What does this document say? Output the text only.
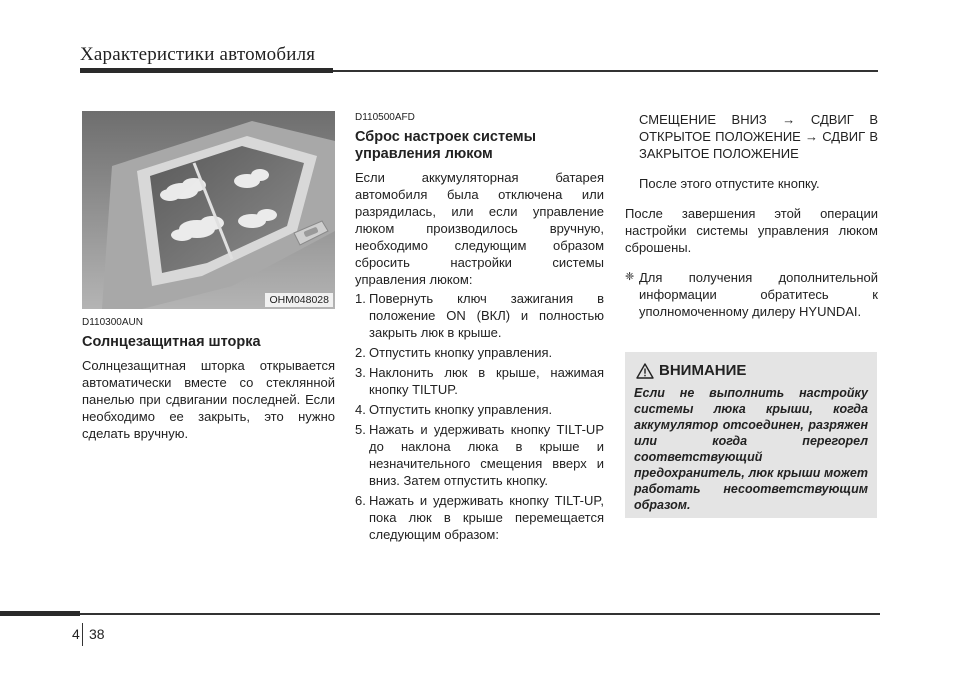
Характеристики автомобиля
OHM048028
D110300AUN
Солнцезащитная шторка

Солнцезащитная шторка открывается автоматически вместе со стеклянной панелью при сдвигании последней. Если необходимо ее закрыть, это нужно сделать вручную.

D110500AFD
Сброс настроек системы управления люком

Если аккумуляторная батарея автомобиля была отключена или разрядилась, или если управление люком производилось вручную, необходимо следующим образом сбросить настройки системы управления люком:

1. Повернуть ключ зажигания в положение ON (ВКЛ) и полностью закрыть люк в крыше.
2. Отпустить кнопку управления.
3. Наклонить люк в крыше, нажимая кнопку TILTUP.
4. Отпустить кнопку управления.
5. Нажать и удерживать кнопку TILT-UP до наклона люка в крыше и незначительного смещения вверх и вниз. Затем отпустить кнопку.
6. Нажать и удерживать кнопку TILT-UP, пока люк в крыше перемещается следующим образом:

СМЕЩЕНИЕ ВНИЗ → СДВИГ В ОТКРЫТОЕ ПОЛОЖЕНИЕ → СДВИГ В ЗАКРЫТОЕ ПОЛОЖЕНИЕ

После этого отпустите кнопку.

После завершения этой операции настройки системы управления люком сброшены.

❈ Для получения дополнительной информации обратитесь к уполномоченному дилеру HYUNDAI.
ВНИМАНИЕ

Если не выполнить настройку системы люка крыши, когда аккумулятор отсоединен, разряжен или когда перегорел соответствующий предохранитель, люк крыши может работать несоответствующим образом.

4 38
